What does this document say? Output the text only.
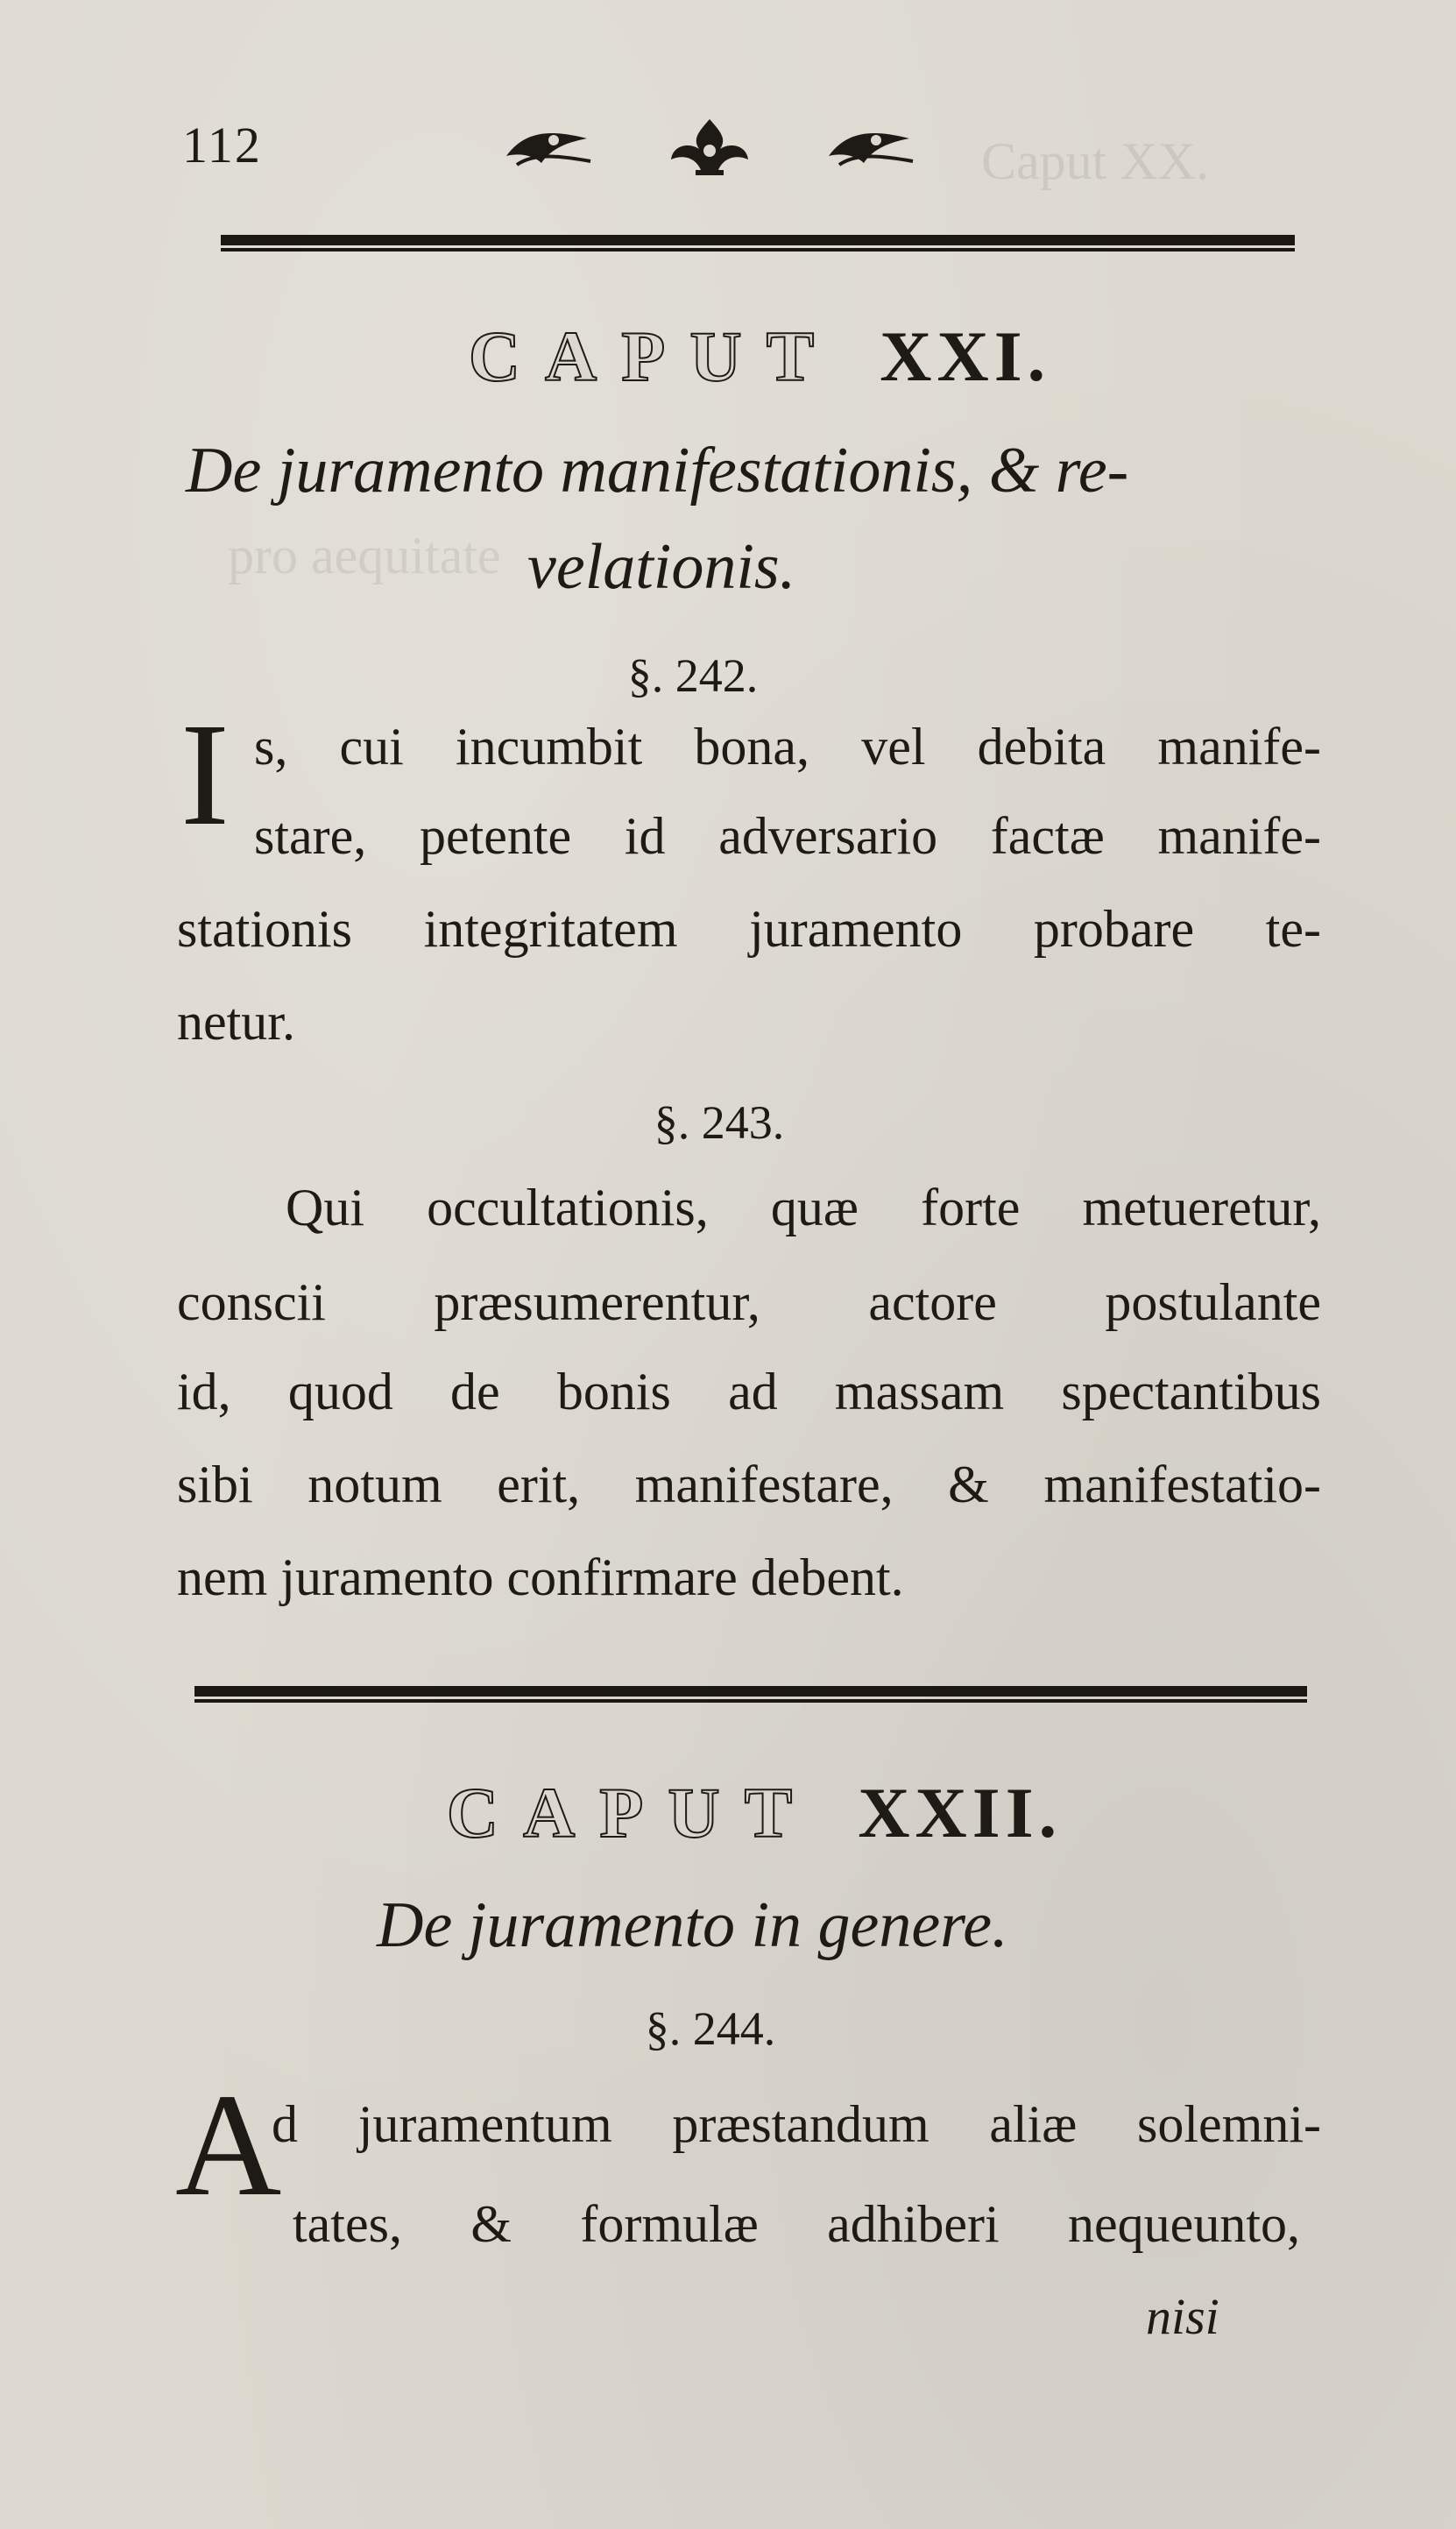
Caput XX.
pro aequitate
112
CAPUT XXI.
De juramento manifestationis, & re-
velationis.
§. 242.
I s, cui incumbit bona, vel debita manife-
stare, petente id adversario factæ manife-
stationis integritatem juramento probare te-
netur.
§. 243.
Qui occultationis, quæ forte metueretur,
conscii præsumerentur, actore postulante
id, quod de bonis ad massam spectantibus
sibi notum erit, manifestare, & manifestatio-
nem juramento confirmare debent.
CAPUT XXII.
De juramento in genere.
§. 244.
A
d juramentum præstandum aliæ solemni-
tates, & formulæ adhiberi nequeunto,
nisi
